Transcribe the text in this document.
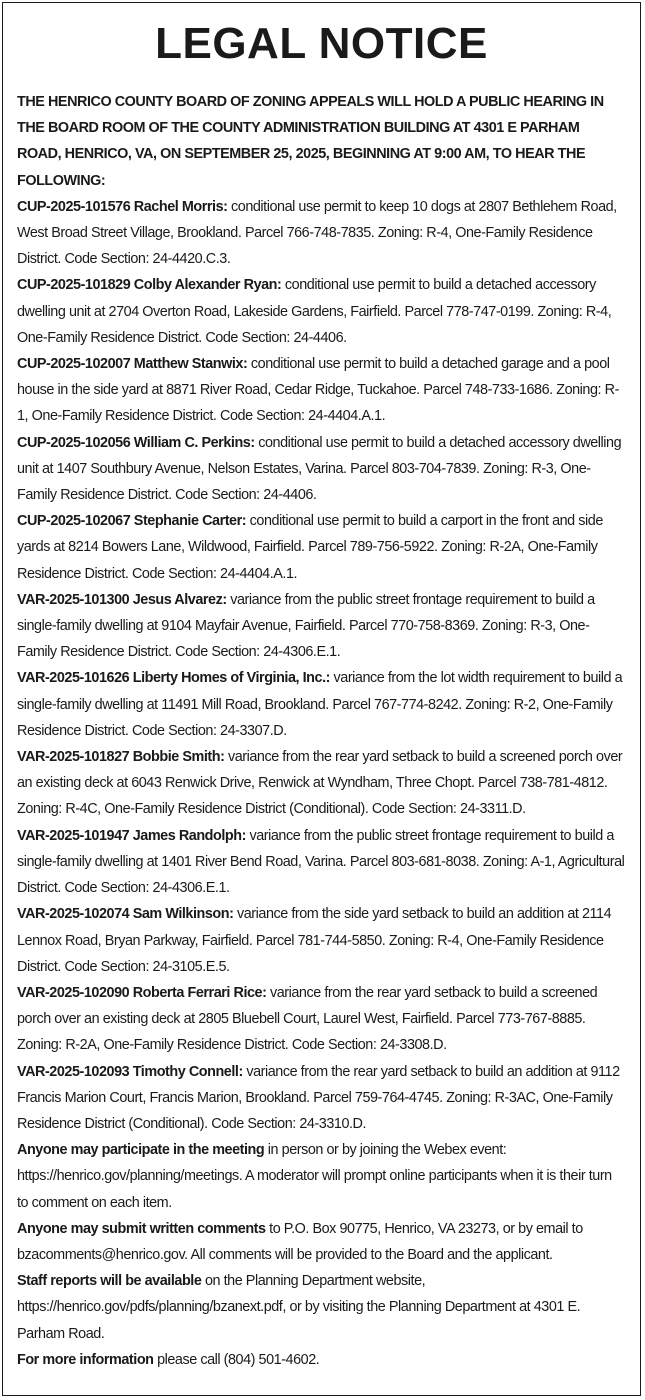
LEGAL NOTICE

THE HENRICO COUNTY BOARD OF ZONING APPEALS WILL HOLD A PUBLIC HEARING IN THE BOARD ROOM OF THE COUNTY ADMINISTRATION BUILDING AT 4301 E PARHAM ROAD, HENRICO, VA, ON SEPTEMBER 25, 2025, BEGINNING AT 9:00 AM, TO HEAR THE FOLLOWING:

CUP-2025-101576 Rachel Morris: conditional use permit to keep 10 dogs at 2807 Bethlehem Road, West Broad Street Village, Brookland. Parcel 766-748-7835. Zoning: R-4, One-Family Residence District. Code Section: 24-4420.C.3.

CUP-2025-101829 Colby Alexander Ryan: conditional use permit to build a detached accessory dwelling unit at 2704 Overton Road, Lakeside Gardens, Fairfield. Parcel 778-747-0199. Zoning: R-4, One-Family Residence District. Code Section: 24-4406.

CUP-2025-102007 Matthew Stanwix: conditional use permit to build a detached garage and a pool house in the side yard at 8871 River Road, Cedar Ridge, Tuckahoe. Parcel 748-733-1686. Zoning: R-1, One-Family Residence District. Code Section: 24-4404.A.1.

CUP-2025-102056 William C. Perkins: conditional use permit to build a detached accessory dwelling unit at 1407 Southbury Avenue, Nelson Estates, Varina. Parcel 803-704-7839. Zoning: R-3, One-Family Residence District. Code Section: 24-4406.

CUP-2025-102067 Stephanie Carter: conditional use permit to build a carport in the front and side yards at 8214 Bowers Lane, Wildwood, Fairfield. Parcel 789-756-5922. Zoning: R-2A, One-Family Residence District. Code Section: 24-4404.A.1.

VAR-2025-101300 Jesus Alvarez: variance from the public street frontage requirement to build a single-family dwelling at 9104 Mayfair Avenue, Fairfield. Parcel 770-758-8369. Zoning: R-3, One-Family Residence District. Code Section: 24-4306.E.1.

VAR-2025-101626 Liberty Homes of Virginia, Inc.: variance from the lot width requirement to build a single-family dwelling at 11491 Mill Road, Brookland. Parcel 767-774-8242. Zoning: R-2, One-Family Residence District. Code Section: 24-3307.D.

VAR-2025-101827 Bobbie Smith: variance from the rear yard setback to build a screened porch over an existing deck at 6043 Renwick Drive, Renwick at Wyndham, Three Chopt. Parcel 738-781-4812. Zoning: R-4C, One-Family Residence District (Conditional). Code Section: 24-3311.D.

VAR-2025-101947 James Randolph: variance from the public street frontage requirement to build a single-family dwelling at 1401 River Bend Road, Varina. Parcel 803-681-8038. Zoning: A-1, Agricultural District. Code Section: 24-4306.E.1.

VAR-2025-102074 Sam Wilkinson: variance from the side yard setback to build an addition at 2114 Lennox Road, Bryan Parkway, Fairfield. Parcel 781-744-5850. Zoning: R-4, One-Family Residence District. Code Section: 24-3105.E.5.

VAR-2025-102090 Roberta Ferrari Rice: variance from the rear yard setback to build a screened porch over an existing deck at 2805 Bluebell Court, Laurel West, Fairfield. Parcel 773-767-8885. Zoning: R-2A, One-Family Residence District. Code Section: 24-3308.D.

VAR-2025-102093 Timothy Connell: variance from the rear yard setback to build an addition at 9112 Francis Marion Court, Francis Marion, Brookland. Parcel 759-764-4745. Zoning: R-3AC, One-Family Residence District (Conditional). Code Section: 24-3310.D.

Anyone may participate in the meeting in person or by joining the Webex event: https://henrico.gov/planning/meetings. A moderator will prompt online participants when it is their turn to comment on each item.

Anyone may submit written comments to P.O. Box 90775, Henrico, VA 23273, or by email to bzacomments@henrico.gov. All comments will be provided to the Board and the applicant.

Staff reports will be available on the Planning Department website, https://henrico.gov/pdfs/planning/bzanext.pdf, or by visiting the Planning Department at 4301 E. Parham Road.

For more information please call (804) 501-4602.
